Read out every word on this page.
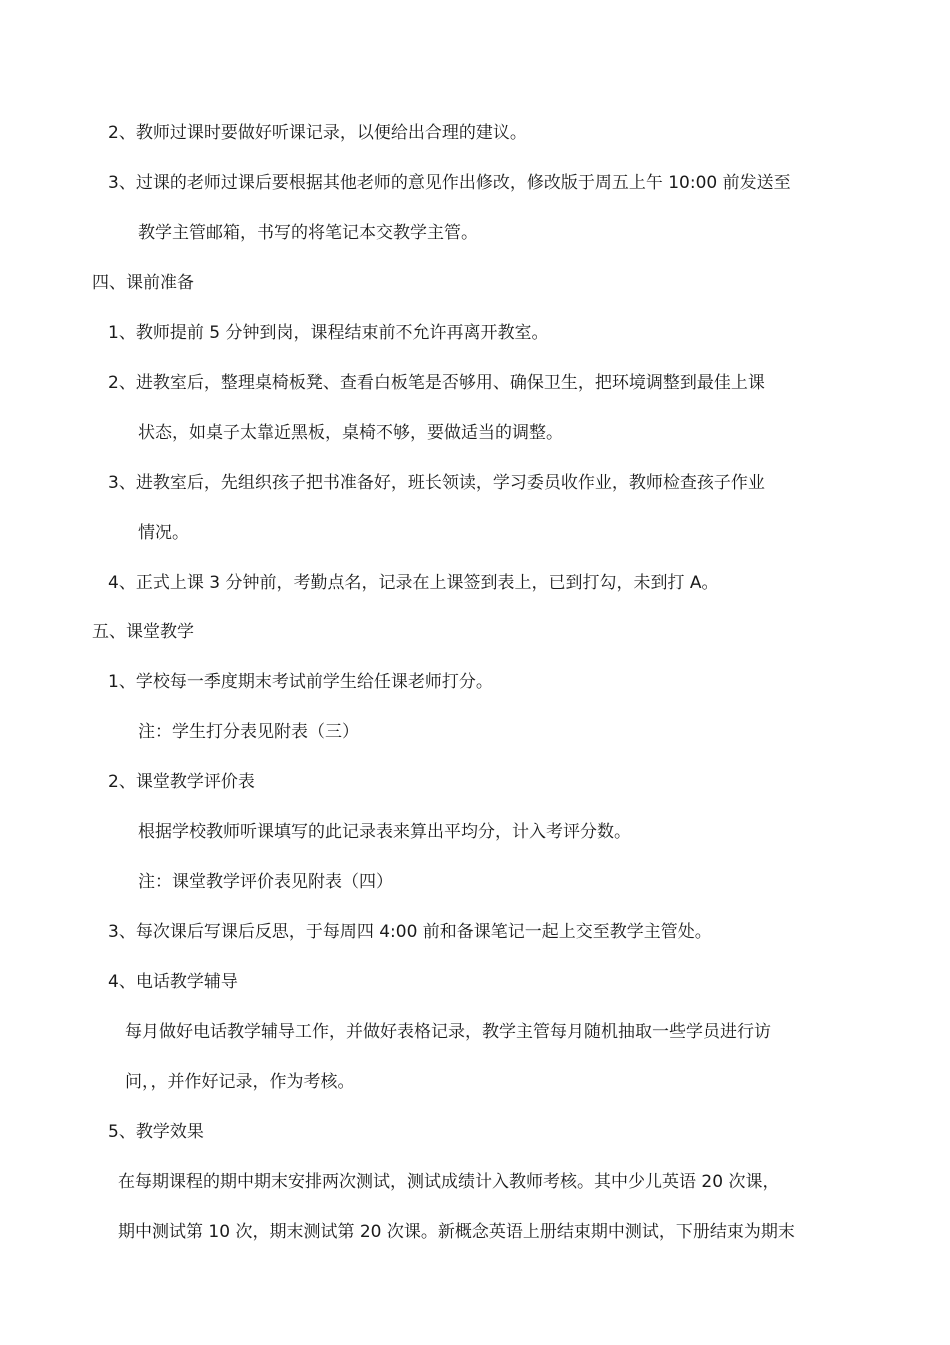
2、教师过课时要做好听课记录，以便给出合理的建议。
3、过课的老师过课后要根据其他老师的意见作出修改，修改版于周五上午 10:00 前发送至
教学主管邮箱，书写的将笔记本交教学主管。
四、课前准备
1、教师提前 5 分钟到岗，课程结束前不允许再离开教室。
2、进教室后，整理桌椅板凳、查看白板笔是否够用、确保卫生，把环境调整到最佳上课
状态，如桌子太靠近黑板，桌椅不够，要做适当的调整。
3、进教室后，先组织孩子把书准备好，班长领读，学习委员收作业，教师检查孩子作业
情况。
4、正式上课 3 分钟前，考勤点名，记录在上课签到表上，已到打勾，未到打 A。
五、课堂教学
1、学校每一季度期末考试前学生给任课老师打分。
注：学生打分表见附表（三）
2、课堂教学评价表
根据学校教师听课填写的此记录表来算出平均分，计入考评分数。
注：课堂教学评价表见附表（四）
3、每次课后写课后反思，于每周四 4:00 前和备课笔记一起上交至教学主管处。
4、电话教学辅导
每月做好电话教学辅导工作，并做好表格记录，教学主管每月随机抽取一些学员进行访
问，，并作好记录，作为考核。
5、教学效果
在每期课程的期中期末安排两次测试，测试成绩计入教师考核。其中少儿英语 20 次课，
期中测试第 10 次，期末测试第 20 次课。新概念英语上册结束期中测试，下册结束为期末
